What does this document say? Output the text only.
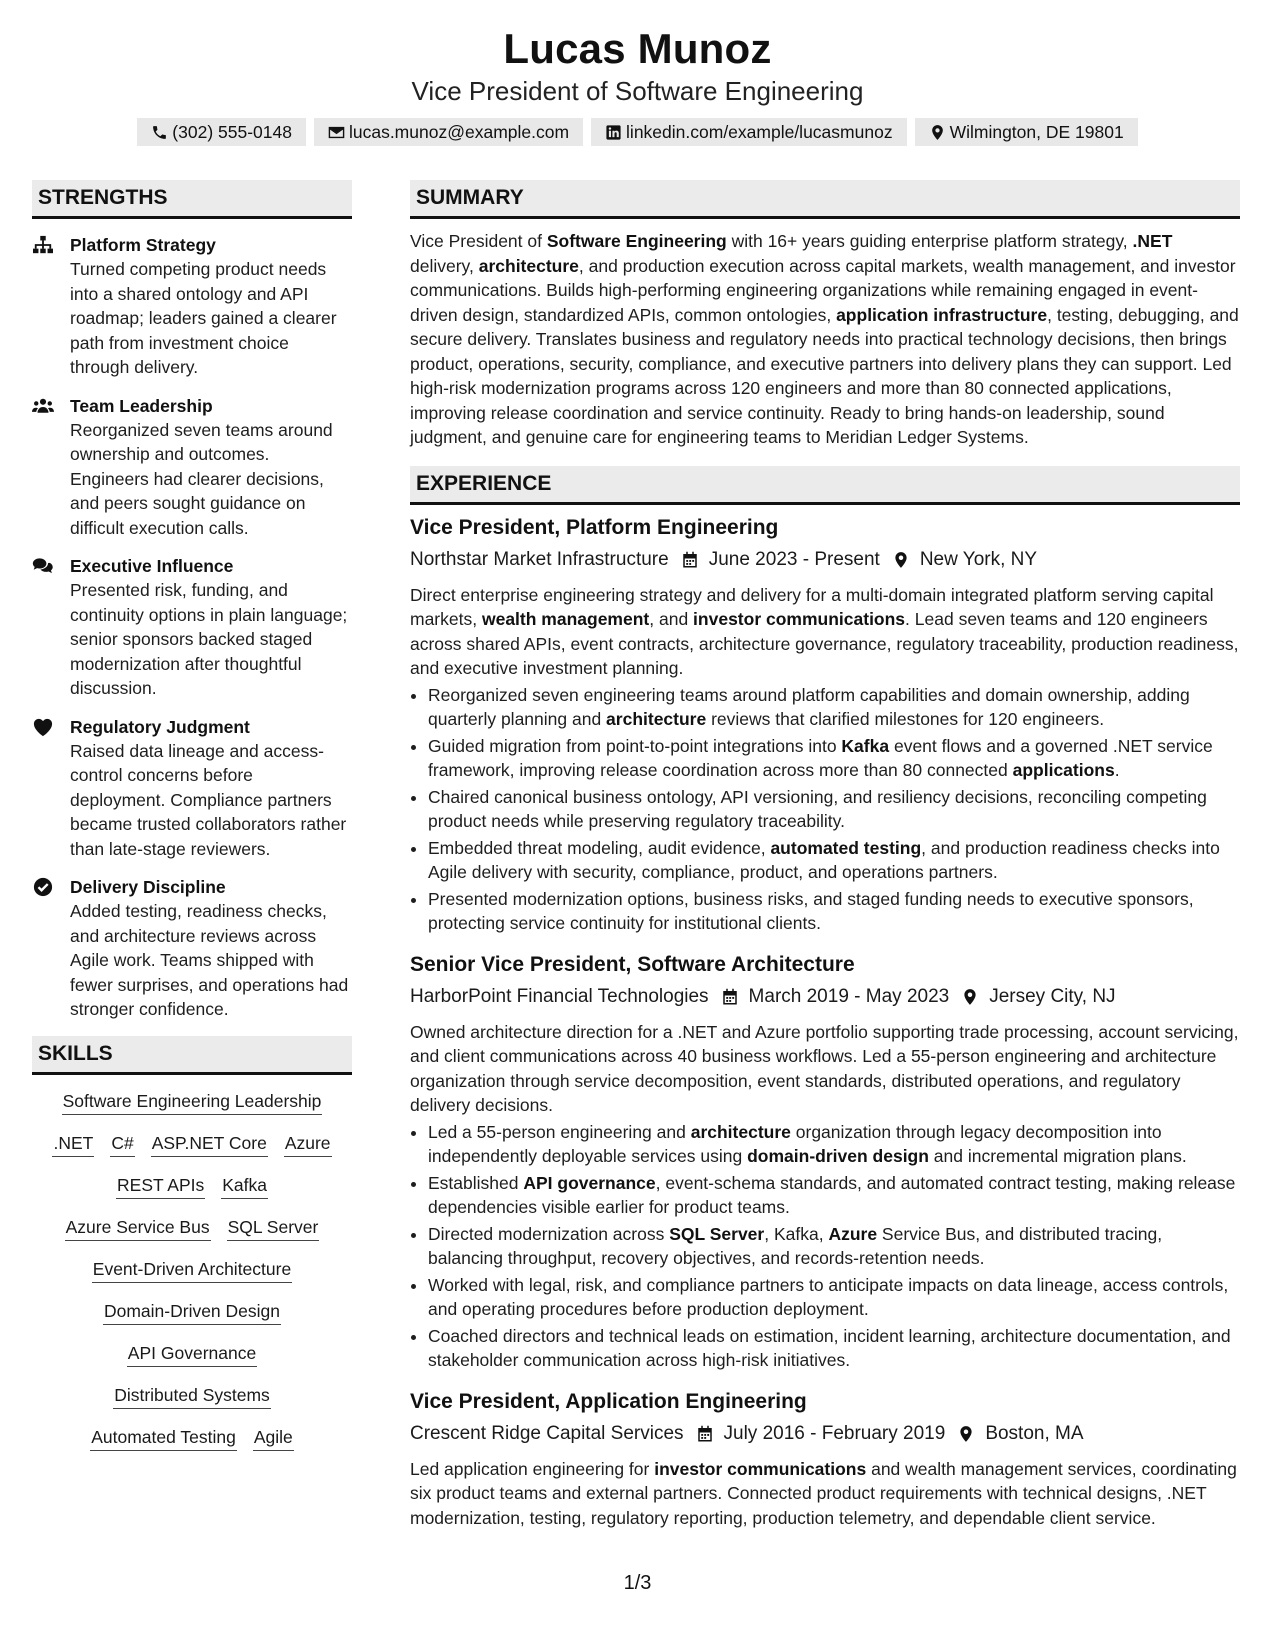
Lucas Munoz
Vice President of Software Engineering
(302) 555-0148	lucas.munoz@example.com	linkedin.com/example/lucasmunoz	Wilmington, DE 19801
STRENGTHS
Platform Strategy
Turned competing product needs into a shared ontology and API roadmap; leaders gained a clearer path from investment choice through delivery.
Team Leadership
Reorganized seven teams around ownership and outcomes. Engineers had clearer decisions, and peers sought guidance on difficult execution calls.
Executive Influence
Presented risk, funding, and continuity options in plain language; senior sponsors backed staged modernization after thoughtful discussion.
Regulatory Judgment
Raised data lineage and access-control concerns before deployment. Compliance partners became trusted collaborators rather than late-stage reviewers.
Delivery Discipline
Added testing, readiness checks, and architecture reviews across Agile work. Teams shipped with fewer surprises, and operations had stronger confidence.
SKILLS
Software Engineering Leadership
.NET C# ASP.NET Core Azure
REST APIs Kafka
Azure Service Bus SQL Server
Event-Driven Architecture
Domain-Driven Design
API Governance
Distributed Systems
Automated Testing Agile
SUMMARY
Vice President of Software Engineering with 16+ years guiding enterprise platform strategy, .NET delivery, architecture, and production execution across capital markets, wealth management, and investor communications. Builds high-performing engineering organizations while remaining engaged in event-driven design, standardized APIs, common ontologies, application infrastructure, testing, debugging, and secure delivery. Translates business and regulatory needs into practical technology decisions, then brings product, operations, security, compliance, and executive partners into delivery plans they can support. Led high-risk modernization programs across 120 engineers and more than 80 connected applications, improving release coordination and service continuity. Ready to bring hands-on leadership, sound judgment, and genuine care for engineering teams to Meridian Ledger Systems.
EXPERIENCE
Vice President, Platform Engineering
Northstar Market Infrastructure June 2023 - Present New York, NY
Direct enterprise engineering strategy and delivery for a multi-domain integrated platform serving capital markets, wealth management, and investor communications. Lead seven teams and 120 engineers across shared APIs, event contracts, architecture governance, regulatory traceability, production readiness, and executive investment planning.
• Reorganized seven engineering teams around platform capabilities and domain ownership, adding quarterly planning and architecture reviews that clarified milestones for 120 engineers.
• Guided migration from point-to-point integrations into Kafka event flows and a governed .NET service framework, improving release coordination across more than 80 connected applications.
• Chaired canonical business ontology, API versioning, and resiliency decisions, reconciling competing product needs while preserving regulatory traceability.
• Embedded threat modeling, audit evidence, automated testing, and production readiness checks into Agile delivery with security, compliance, product, and operations partners.
• Presented modernization options, business risks, and staged funding needs to executive sponsors, protecting service continuity for institutional clients.
Senior Vice President, Software Architecture
HarborPoint Financial Technologies March 2019 - May 2023 Jersey City, NJ
Owned architecture direction for a .NET and Azure portfolio supporting trade processing, account servicing, and client communications across 40 business workflows. Led a 55-person engineering and architecture organization through service decomposition, event standards, distributed operations, and regulatory delivery decisions.
• Led a 55-person engineering and architecture organization through legacy decomposition into independently deployable services using domain-driven design and incremental migration plans.
• Established API governance, event-schema standards, and automated contract testing, making release dependencies visible earlier for product teams.
• Directed modernization across SQL Server, Kafka, Azure Service Bus, and distributed tracing, balancing throughput, recovery objectives, and records-retention needs.
• Worked with legal, risk, and compliance partners to anticipate impacts on data lineage, access controls, and operating procedures before production deployment.
• Coached directors and technical leads on estimation, incident learning, architecture documentation, and stakeholder communication across high-risk initiatives.
Vice President, Application Engineering
Crescent Ridge Capital Services July 2016 - February 2019 Boston, MA
Led application engineering for investor communications and wealth management services, coordinating six product teams and external partners. Connected product requirements with technical designs, .NET modernization, testing, regulatory reporting, production telemetry, and dependable client service.
1/3
